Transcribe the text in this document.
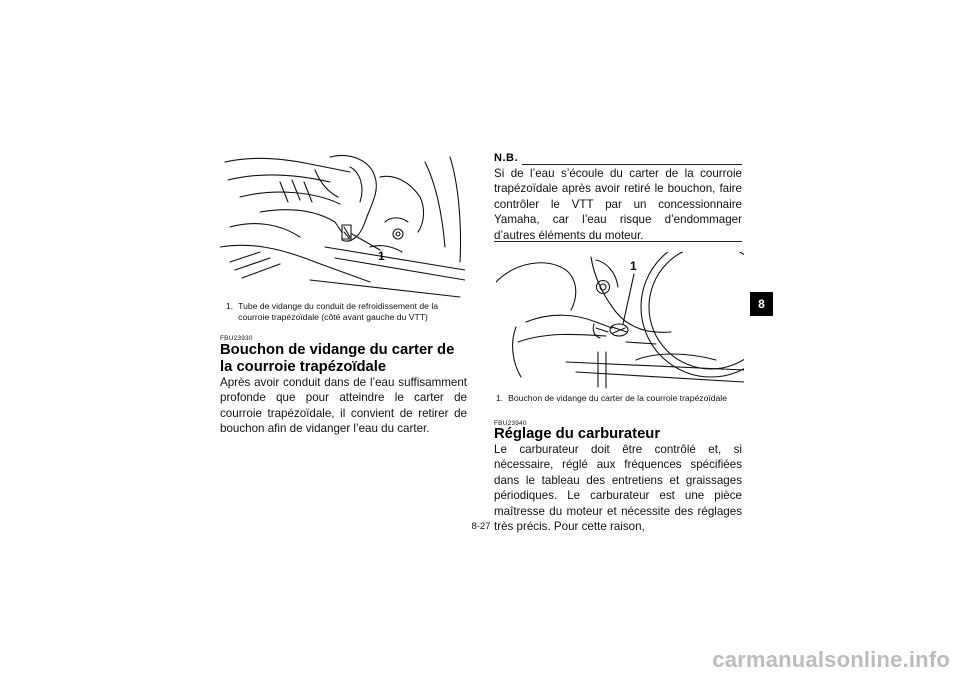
1
1. Tube de vidange du conduit de refroidissement de la courroie trapézoïdale (côté avant gauche du VTT)
FBU23930
Bouchon de vidange du carter de la courroie trapézoïdale
Après avoir conduit dans de l’eau suffisamment profonde que pour atteindre le carter de courroie trapézoïdale, il convient de retirer de bouchon afin de vidanger l’eau du carter.
N.B.
Si de l’eau s’écoule du carter de la courroie trapézoïdale après avoir retiré le bouchon, faire contrôler le VTT par un concessionnaire Yamaha, car l’eau risque d’endommager d’autres éléments du moteur.
1
1. Bouchon de vidange du carter de la courroie trapézoïdale
FBU23940
Réglage du carburateur
Le carburateur doit être contrôlé et, si nécessaire, réglé aux fréquences spécifiées dans le tableau des entretiens et graissages périodiques. Le carburateur est une pièce maîtresse du moteur et nécessite des réglages très précis. Pour cette raison,
8-27
8
carmanualsonline.info
